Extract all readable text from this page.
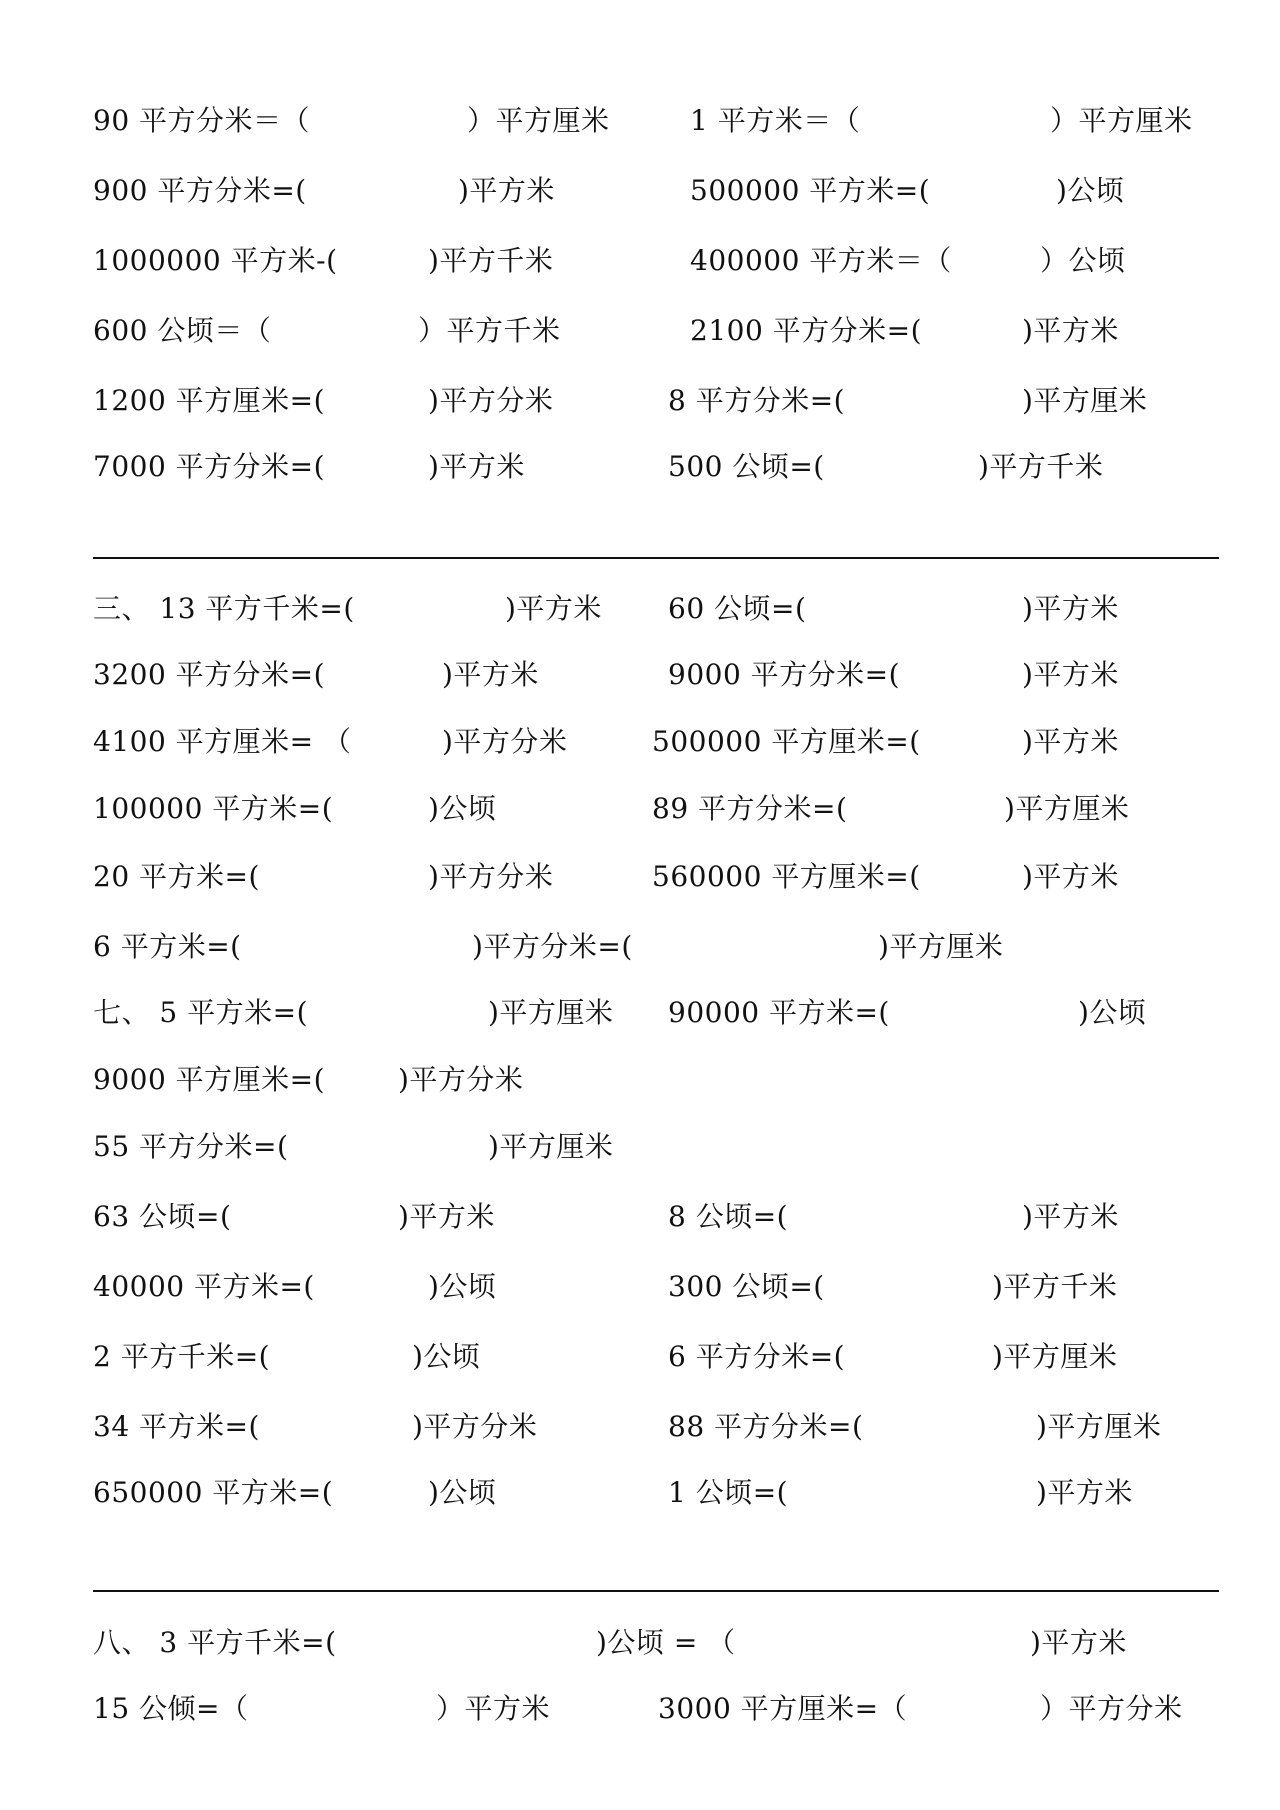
90 平方分米＝（	）平方厘米	1 平方米＝（	）平方厘米
900 平方分米=(	)平方米	500000 平方米=(	)公顷
1000000 平方米-(	)平方千米	400000 平方米＝（	）公顷
600 公顷＝（	）平方千米	2100 平方分米=(	)平方米
1200 平方厘米=(	)平方分米	8 平方分米=(	)平方厘米
7000 平方分米=(	)平方米	500 公顷=(	)平方千米
三、 13 平方千米=(	)平方米 60 公顷=(	)平方米
3200 平方分米=(	)平方米	9000 平方分米=(	)平方米
4100 平方厘米= （	)平方分米	500000 平方厘米=(	)平方米
100000 平方米=(	)公顷	89 平方分米=(	)平方厘米
20 平方米=(	)平方分米	560000 平方厘米=(	)平方米
6 平方米=(	)平方分米=(	)平方厘米
七、 5 平方米=(	)平方厘米 90000 平方米=(	)公顷
9000 平方厘米=(	)平方分米
55 平方分米=(	)平方厘米
63 公顷=(	)平方米	8 公顷=(	)平方米
40000 平方米=(	)公顷	300 公顷=(	)平方千米
2 平方千米=(	)公顷	6 平方分米=(	)平方厘米
34 平方米=(	)平方分米	88 平方分米=(	)平方厘米
650000 平方米=(	)公顷	1 公顷=(	)平方米
八、 3 平方千米=(	)公顷 = （	)平方米
15 公倾=（	）平方米	3000 平方厘米=（	）平方分米
